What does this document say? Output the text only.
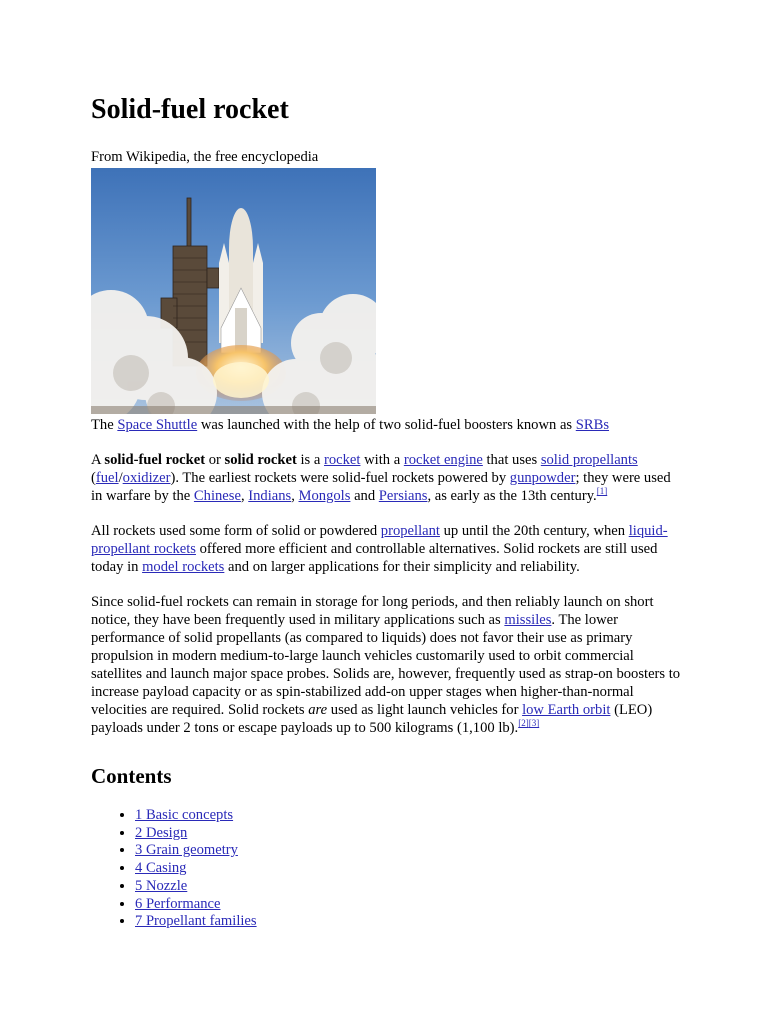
Solid-fuel rocket
From Wikipedia, the free encyclopedia
The Space Shuttle was launched with the help of two solid-fuel boosters known as SRBs

A solid-fuel rocket or solid rocket is a rocket with a rocket engine that uses solid propellants (fuel/oxidizer). The earliest rockets were solid-fuel rockets powered by gunpowder; they were used in warfare by the Chinese, Indians, Mongols and Persians, as early as the 13th century.[1]

All rockets used some form of solid or powdered propellant up until the 20th century, when liquid-propellant rockets offered more efficient and controllable alternatives. Solid rockets are still used today in model rockets and on larger applications for their simplicity and reliability.

Since solid-fuel rockets can remain in storage for long periods, and then reliably launch on short notice, they have been frequently used in military applications such as missiles. The lower performance of solid propellants (as compared to liquids) does not favor their use as primary propulsion in modern medium-to-large launch vehicles customarily used to orbit commercial satellites and launch major space probes. Solids are, however, frequently used as strap-on boosters to increase payload capacity or as spin-stabilized add-on upper stages when higher-than-normal velocities are required. Solid rockets are used as light launch vehicles for low Earth orbit (LEO) payloads under 2 tons or escape payloads up to 500 kilograms (1,100 lb).[2][3]

Contents
• 1 Basic concepts
• 2 Design
• 3 Grain geometry
• 4 Casing
• 5 Nozzle
• 6 Performance
• 7 Propellant families
